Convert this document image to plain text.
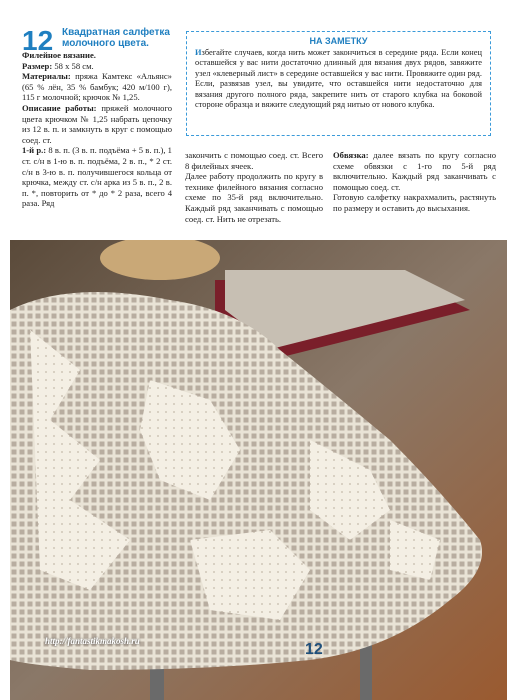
12 Квадратная салфетка молочного цвета.

Филейное вязание.

Размер: 58 х 58 см.

Материалы: пряжа Камтекс «Альянс» (65 % лён, 35 % бамбук; 420 м/100 г), 115 г молочной; крючок № 1,25.

Описание работы: пряжей молочного цвета крючком № 1,25 набрать цепочку из 12 в. п. и замкнуть в круг с помощью соед. ст.

1-й р.: 8 в. п. (3 в. п. подъёма + 5 в. п.), 1 ст. с/н в 1-ю в. п. подъёма, 2 в. п., * 2 ст. с/н в 3-ю в. п. получившегося кольца от крючка, между ст. с/н арка из 5 в. п., 2 в. п. *, повторить от * до * 2 раза, всего 4 раза. Ряд

НА ЗАМЕТКУ
Избегайте случаев, когда нить может закончиться в середине ряда. Если конец оставшейся у вас нити достаточно длинный для вязания двух рядов, завяжите узел «клеверный лист» в середине оставшейся у вас нити. Провяжите один ряд. Если, развязав узел, вы увидите, что оставшейся нити недостаточно для вязания другого полного ряда, закрепите нить от старого клубка на боковой стороне образца и вяжите следующий ряд нитью от нового клубка.

закончить с помощью соед. ст. Всего 8 филейных ячеек.

Далее работу продолжить по кругу в технике филейного вязания согласно схеме по 35-й ряд включительно. Каждый ряд заканчивать с помощью соед. ст. Нить не отрезать.

Обвязка: далее вязать по кругу согласно схеме обвязки с 1-го по 5-й ряд включительно. Каждый ряд заканчивать с помощью соед. ст.

Готовую салфетку накрахмалить, растянуть по размеру и оставить до высыхания.

http://fantastikmakosh.ru	12
